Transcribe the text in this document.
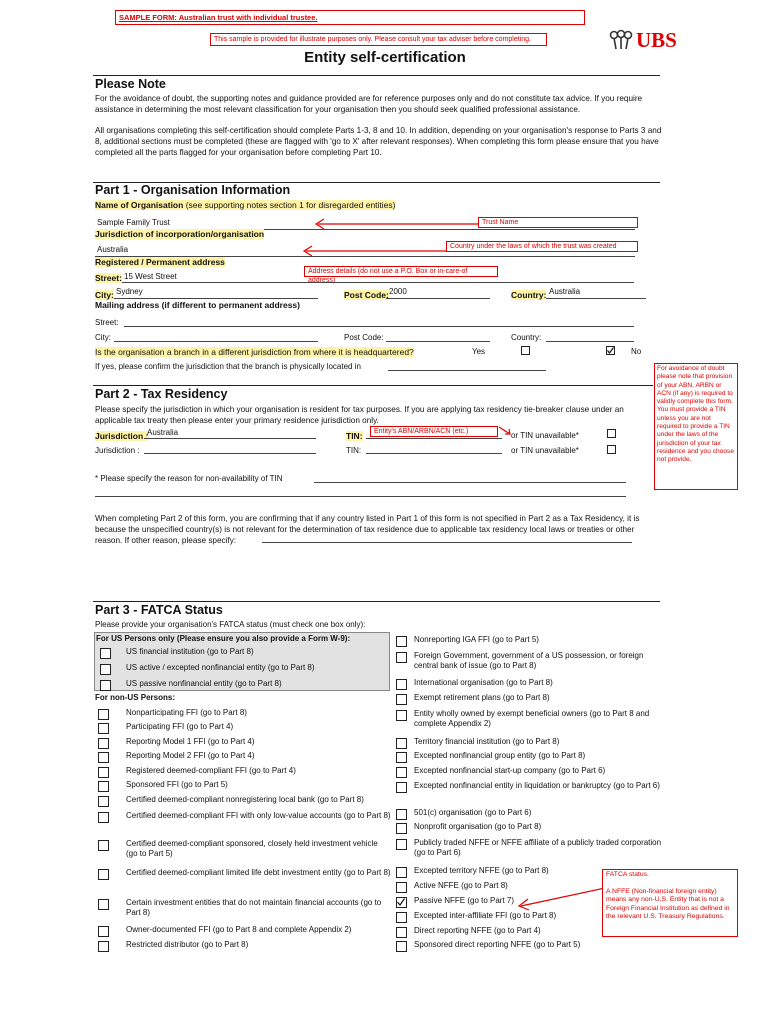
SAMPLE FORM: Australian trust with individual trustee.
This sample is provided for illustrate purposes only. Please consult your tax adviser before completing.	UBS
Entity self-certification
Please Note
For the avoidance of doubt, the supporting notes and guidance provided are for reference purposes only and do not constitute tax advice. If you require assistance in determining the most relevant classification for your organisation then you should seek qualified professional assistance.
All organisations completing this self-certification should complete Parts 1-3, 8 and 10. In addition, depending on your organisation's response to Parts 3 and 8, additional sections must be completed (these are flagged with 'go to X' after relevant responses). When completing this form please ensure that you have completed all the parts flagged for your organisation before completing Part 10.
Part 1 - Organisation Information
Name of Organisation (see supporting notes section 1 for disregarded entities)
Sample Family Trust	Trust Name
Jurisdiction of incorporation/organisation
Australia	Country under the laws of which the trust was created
Registered / Permanent address
Address details (do not use a P.O. Box or in-care-of address)
Street: 15 West Street
City: Sydney	Post Code: 2000	Country: Australia
Mailing address (if different to permanent address)
Street:
City:	Post Code:	Country:
Is the organisation a branch in a different jurisdiction from where it is headquartered?	Yes	No
If yes, please confirm the jurisdiction that the branch is physically located in	For avoidance of doubt please note that provision of your ABN, ARBN or ACN (if any) is required to validly complete this form. You must provide a TIN unless you are not required to provide a TIN under the laws of the jurisdiction of your tax residence and you choose not provide.
Part 2 - Tax Residency
Please specify the jurisdiction in which your organisation is resident for tax purposes. If you are applying tax residency tie-breaker clause under an applicable tax treaty then please enter your primary residence jurisdiction only.
Jurisdiction :
Australia	TIN:	Entity's ABN/ARBN/ACN (etc.)	or TIN unavailable*
Jurisdiction :	TIN:	or TIN unavailable*
* Please specify the reason for non-availability of TIN
When completing Part 2 of this form, you are confirming that if any country listed in Part 1 of this form is not specified in Part 2 as a Tax Residency, it is because the unspecified country(s) is not relevant for the determination of tax residence due to applicable tax residency local laws or treaties or other reason. If other reason, please specify:
Part 3 - FATCA Status
Please provide your organisation's FATCA status (must check one box only):
For US Persons only (Please ensure you also provide a Form W-9):
US financial institution (go to Part 8)
US active / excepted nonfinancial entity (go to Part 8)
US passive nonfinancial entity (go to Part 8)
For non-US Persons:
Nonparticipating FFI (go to Part 8)
Participating FFI (go to Part 4)
Reporting Model 1 FFI (go to Part 4)
Reporting Model 2 FFI (go to Part 4)
Registered deemed-compliant FFI (go to Part 4)
Sponsored FFI (go to Part 5)
Certified deemed-compliant nonregistering local bank (go to Part 8)
Certified deemed-compliant FFI with only low-value accounts (go to Part 8)
Certified deemed-compliant sponsored, closely held investment vehicle (go to Part 5)
Certified deemed-compliant limited life debt investment entity (go to Part 8)
Certain investment entities that do not maintain financial accounts (go to Part 8)
Owner-documented FFI (go to Part 8 and complete Appendix 2)
Restricted distributor (go to Part 8)
Nonreporting IGA FFI (go to Part 5)
Foreign Government, government of a US possession, or foreign central bank of issue (go to Part 8)
International organisation (go to Part 8)
Exempt retirement plans (go to Part 8)
Entity wholly owned by exempt beneficial owners (go to Part 8 and complete Appendix 2)
Territory financial institution (go to Part 8)
Excepted nonfinancial group entity (go to Part 8)
Excepted nonfinancial start-up company (go to Part 6)
Excepted nonfinancial entity in liquidation or bankruptcy (go to Part 6)
501(c) organisation (go to Part 6)
Nonprofit organisation (go to Part 8)
Publicly traded NFFE or NFFE affiliate of a publicly traded corporation (go to Part 6)
Excepted territory NFFE (go to Part 8)
Active NFFE (go to Part 8)
Passive NFFE (go to Part 7)
Excepted inter-affiliate FFI (go to Part 8)
Direct reporting NFFE (go to Part 4)
Sponsored direct reporting NFFE (go to Part 5)
FATCA status.
A NFFE (Non-financial foreign entity) means any non-U.S. Entity that is not a Foreign Financial Institution as defined in the relevant U.S. Treasury Regulations.
